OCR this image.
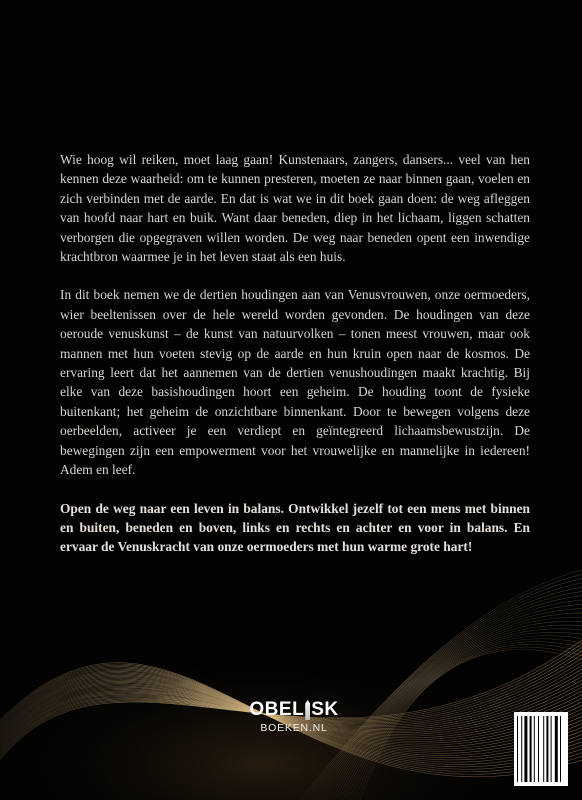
Wie hoog wil reiken, moet laag gaan! Kunstenaars, zangers, dansers... veel van hen kennen deze waarheid: om te kunnen presteren, moeten ze naar binnen gaan, voelen en zich verbinden met de aarde. En dat is wat we in dit boek gaan doen: de weg afleggen van hoofd naar hart en buik. Want daar beneden, diep in het lichaam, liggen schatten verborgen die opgegraven willen worden. De weg naar beneden opent een inwendige krachtbron waarmee je in het leven staat als een huis.

In dit boek nemen we de dertien houdingen aan van Venusvrouwen, onze oermoeders, wier beeltenissen over de hele wereld worden gevonden. De houdingen van deze oeroude venuskunst – de kunst van natuurvolken – tonen meest vrouwen, maar ook mannen met hun voeten stevig op de aarde en hun kruin open naar de kosmos. De ervaring leert dat het aannemen van de dertien venushoudingen maakt krachtig. Bij elke van deze basishoudingen hoort een geheim. De houding toont de fysieke buitenkant; het geheim de onzichtbare binnenkant. Door te bewegen volgens deze oerbeelden, activeer je een verdiept en geïntegreerd lichaamsbewustzijn. De bewegingen zijn een empowerment voor het vrouwelijke en mannelijke in iedereen! Adem en leef.

Open de weg naar een leven in balans. Ontwikkel jezelf tot een mens met binnen en buiten, beneden en boven, links en rechts en achter en voor in balans. En ervaar de Venuskracht van onze oermoeders met hun warme grote hart!

OBEL SK
BOEKEN.NL
